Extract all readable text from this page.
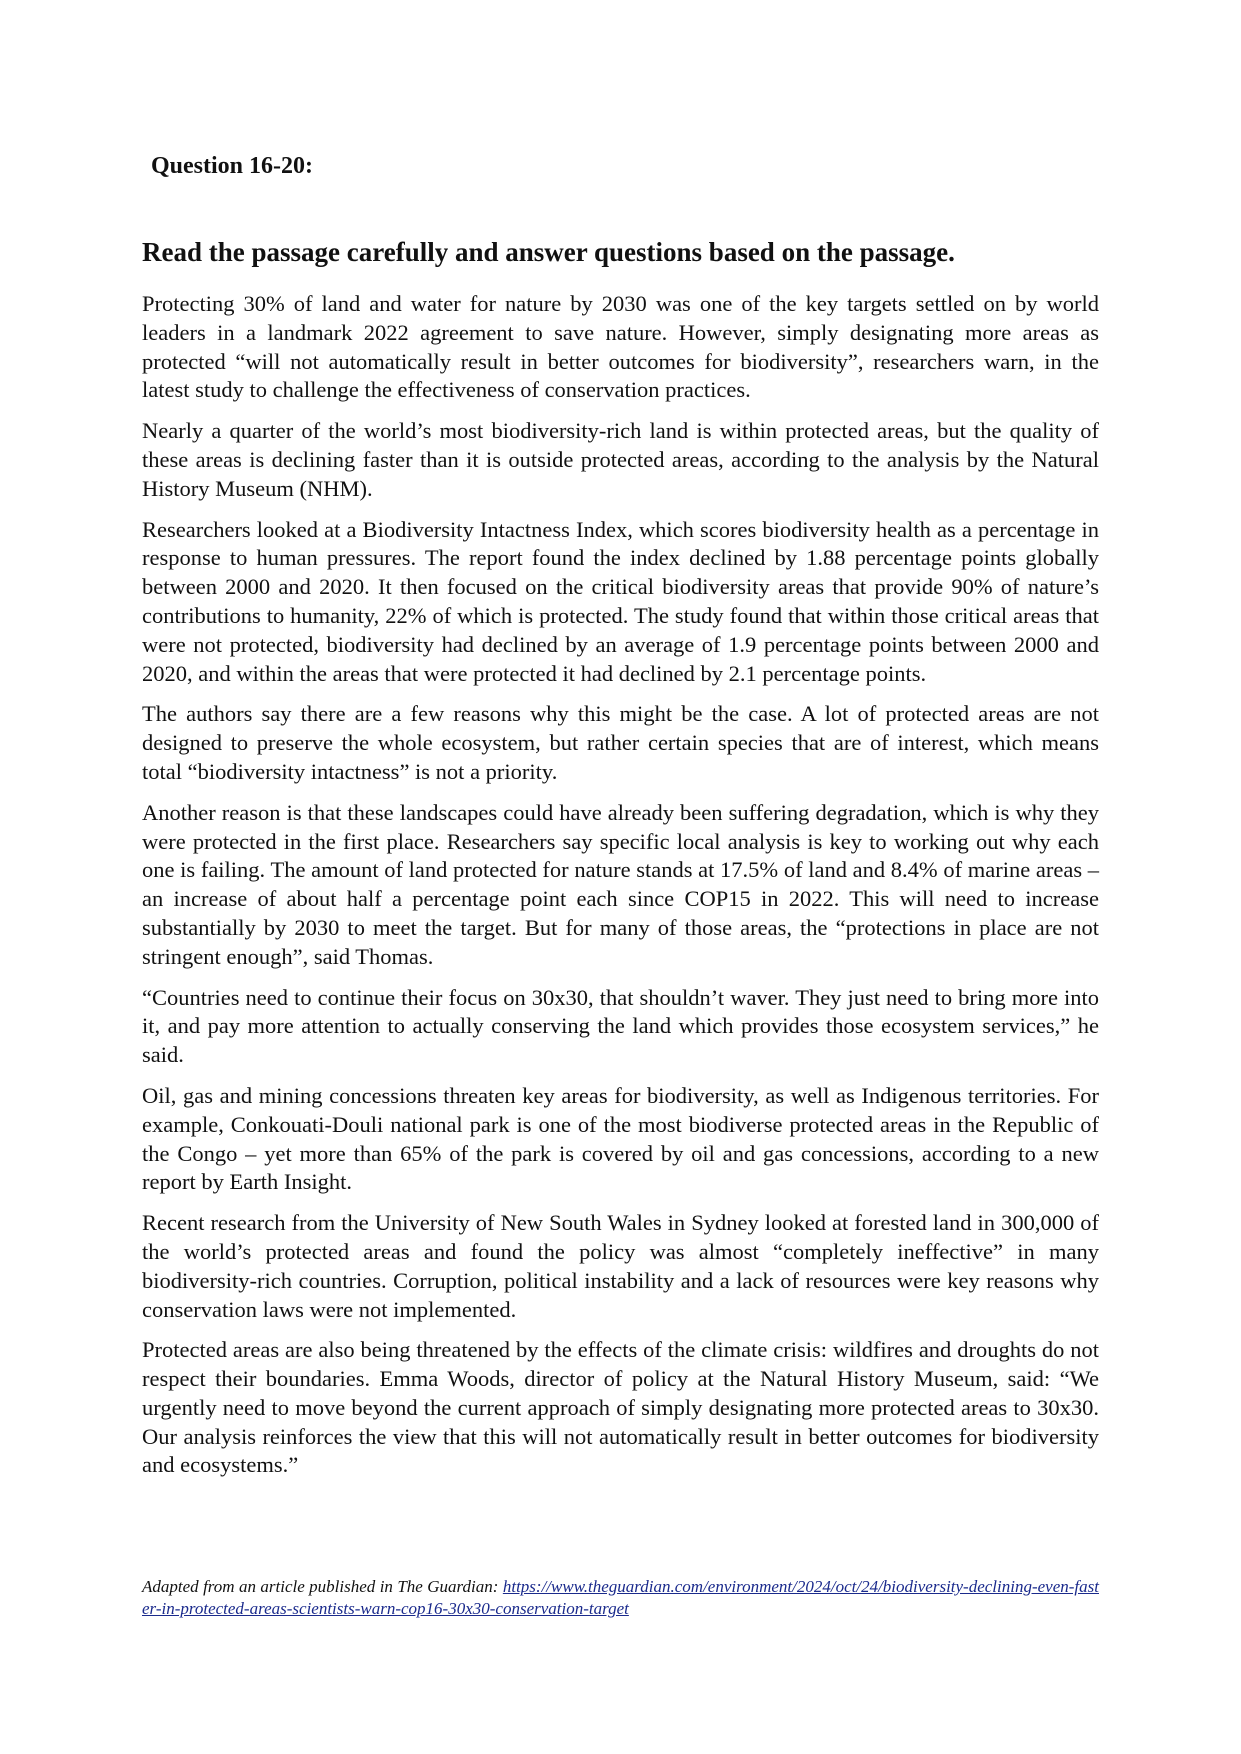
Question 16-20:
Read the passage carefully and answer questions based on the passage.

Protecting 30% of land and water for nature by 2030 was one of the key targets settled on by world leaders in a landmark 2022 agreement to save nature. However, simply designating more areas as protected “will not automatically result in better outcomes for biodiversity”, researchers warn, in the latest study to challenge the effectiveness of conservation practices.

Nearly a quarter of the world’s most biodiversity-rich land is within protected areas, but the quality of these areas is declining faster than it is outside protected areas, according to the analysis by the Natural History Museum (NHM).

Researchers looked at a Biodiversity Intactness Index, which scores biodiversity health as a percentage in response to human pressures. The report found the index declined by 1.88 percentage points globally between 2000 and 2020. It then focused on the critical biodiversity areas that provide 90% of nature’s contributions to humanity, 22% of which is protected. The study found that within those critical areas that were not protected, biodiversity had declined by an average of 1.9 percentage points between 2000 and 2020, and within the areas that were protected it had declined by 2.1 percentage points.

The authors say there are a few reasons why this might be the case. A lot of protected areas are not designed to preserve the whole ecosystem, but rather certain species that are of interest, which means total “biodiversity intactness” is not a priority.

Another reason is that these landscapes could have already been suffering degradation, which is why they were protected in the first place. Researchers say specific local analysis is key to working out why each one is failing. The amount of land protected for nature stands at 17.5% of land and 8.4% of marine areas – an increase of about half a percentage point each since COP15 in 2022. This will need to increase substantially by 2030 to meet the target. But for many of those areas, the “protections in place are not stringent enough”, said Thomas.

“Countries need to continue their focus on 30x30, that shouldn’t waver. They just need to bring more into it, and pay more attention to actually conserving the land which provides those ecosystem services,” he said.

Oil, gas and mining concessions threaten key areas for biodiversity, as well as Indigenous territories. For example, Conkouati-Douli national park is one of the most biodiverse protected areas in the Republic of the Congo – yet more than 65% of the park is covered by oil and gas concessions, according to a new report by Earth Insight.

Recent research from the University of New South Wales in Sydney looked at forested land in 300,000 of the world’s protected areas and found the policy was almost “completely ineffective” in many biodiversity-rich countries. Corruption, political instability and a lack of resources were key reasons why conservation laws were not implemented.

Protected areas are also being threatened by the effects of the climate crisis: wildfires and droughts do not respect their boundaries. Emma Woods, director of policy at the Natural History Museum, said: “We urgently need to move beyond the current approach of simply designating more protected areas to 30x30. Our analysis reinforces the view that this will not automatically result in better outcomes for biodiversity and ecosystems.”

Adapted from an article published in The Guardian: https://www.theguardian.com/environment/2024/oct/24/biodiversity-declining-even-faster-in-protected-areas-scientists-warn-cop16-30x30-conservation-target
